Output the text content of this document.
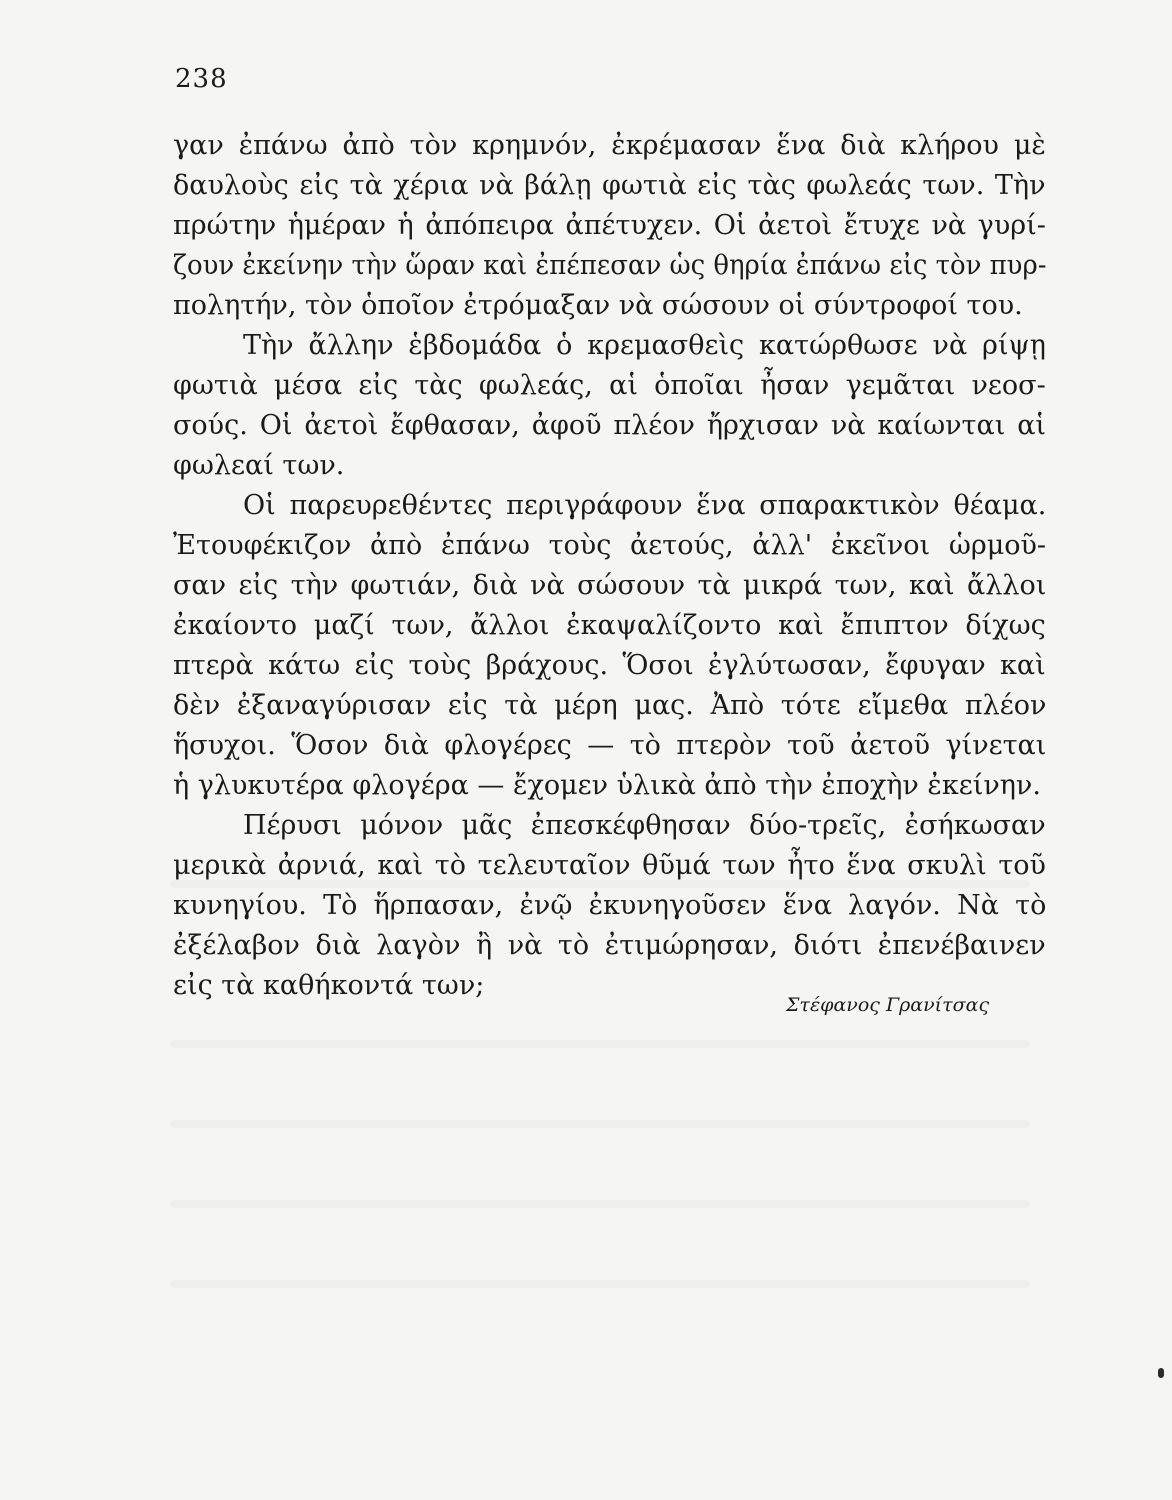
238
γαν ἐπάνω ἀπὸ τὸν κρημνόν, ἐκρέμασαν ἕνα διὰ κλήρου μὲ
δαυλοὺς εἰς τὰ χέρια νὰ βάλῃ φωτιὰ εἰς τὰς φωλεάς των. Τὴν
πρώτην ἡμέραν ἡ ἀπόπειρα ἀπέτυχεν. Οἱ ἀετοὶ ἔτυχε νὰ γυρί-
ζουν ἐκείνην τὴν ὥραν καὶ ἐπέπεσαν ὡς θηρία ἐπάνω εἰς τὸν πυρ-
πολητήν, τὸν ὁποῖον ἐτρόμαξαν νὰ σώσουν οἱ σύντροφοί του.
Τὴν ἄλλην ἑβδομάδα ὁ κρεμασθεὶς κατώρθωσε νὰ ρίψῃ
φωτιὰ μέσα εἰς τὰς φωλεάς, αἱ ὁποῖαι ἦσαν γεμᾶται νεοσ-
σούς. Οἱ ἀετοὶ ἔφθασαν, ἀφοῦ πλέον ἤρχισαν νὰ καίωνται αἱ
φωλεαί των.
Οἱ παρευρεθέντες περιγράφουν ἕνα σπαρακτικὸν θέαμα.
Ἐτουφέκιζον ἀπὸ ἐπάνω τοὺς ἀετούς, ἀλλ' ἐκεῖνοι ὡρμοῦ-
σαν εἰς τὴν φωτιάν, διὰ νὰ σώσουν τὰ μικρά των, καὶ ἄλλοι
ἐκαίοντο μαζί των, ἄλλοι ἐκαψαλίζοντο καὶ ἔπιπτον δίχως
πτερὰ κάτω εἰς τοὺς βράχους. Ὅσοι ἐγλύτωσαν, ἔφυγαν καὶ
δὲν ἐξαναγύρισαν εἰς τὰ μέρη μας. Ἀπὸ τότε εἴμεθα πλέον
ἥσυχοι. Ὅσον διὰ φλογέρες — τὸ πτερὸν τοῦ ἀετοῦ γίνεται
ἡ γλυκυτέρα φλογέρα — ἔχομεν ὑλικὰ ἀπὸ τὴν ἐποχὴν ἐκείνην.
Πέρυσι μόνον μᾶς ἐπεσκέφθησαν δύο-τρεῖς, ἐσήκωσαν
μερικὰ ἀρνιά, καὶ τὸ τελευταῖον θῦμά των ἦτο ἕνα σκυλὶ τοῦ
κυνηγίου. Τὸ ἥρπασαν, ἐνῷ ἐκυνηγοῦσεν ἕνα λαγόν. Νὰ τὸ
ἐξέλαβον διὰ λαγὸν ἢ νὰ τὸ ἐτιμώρησαν, διότι ἐπενέβαινεν
εἰς τὰ καθήκοντά των;
Στέφανος Γρανίτσας
